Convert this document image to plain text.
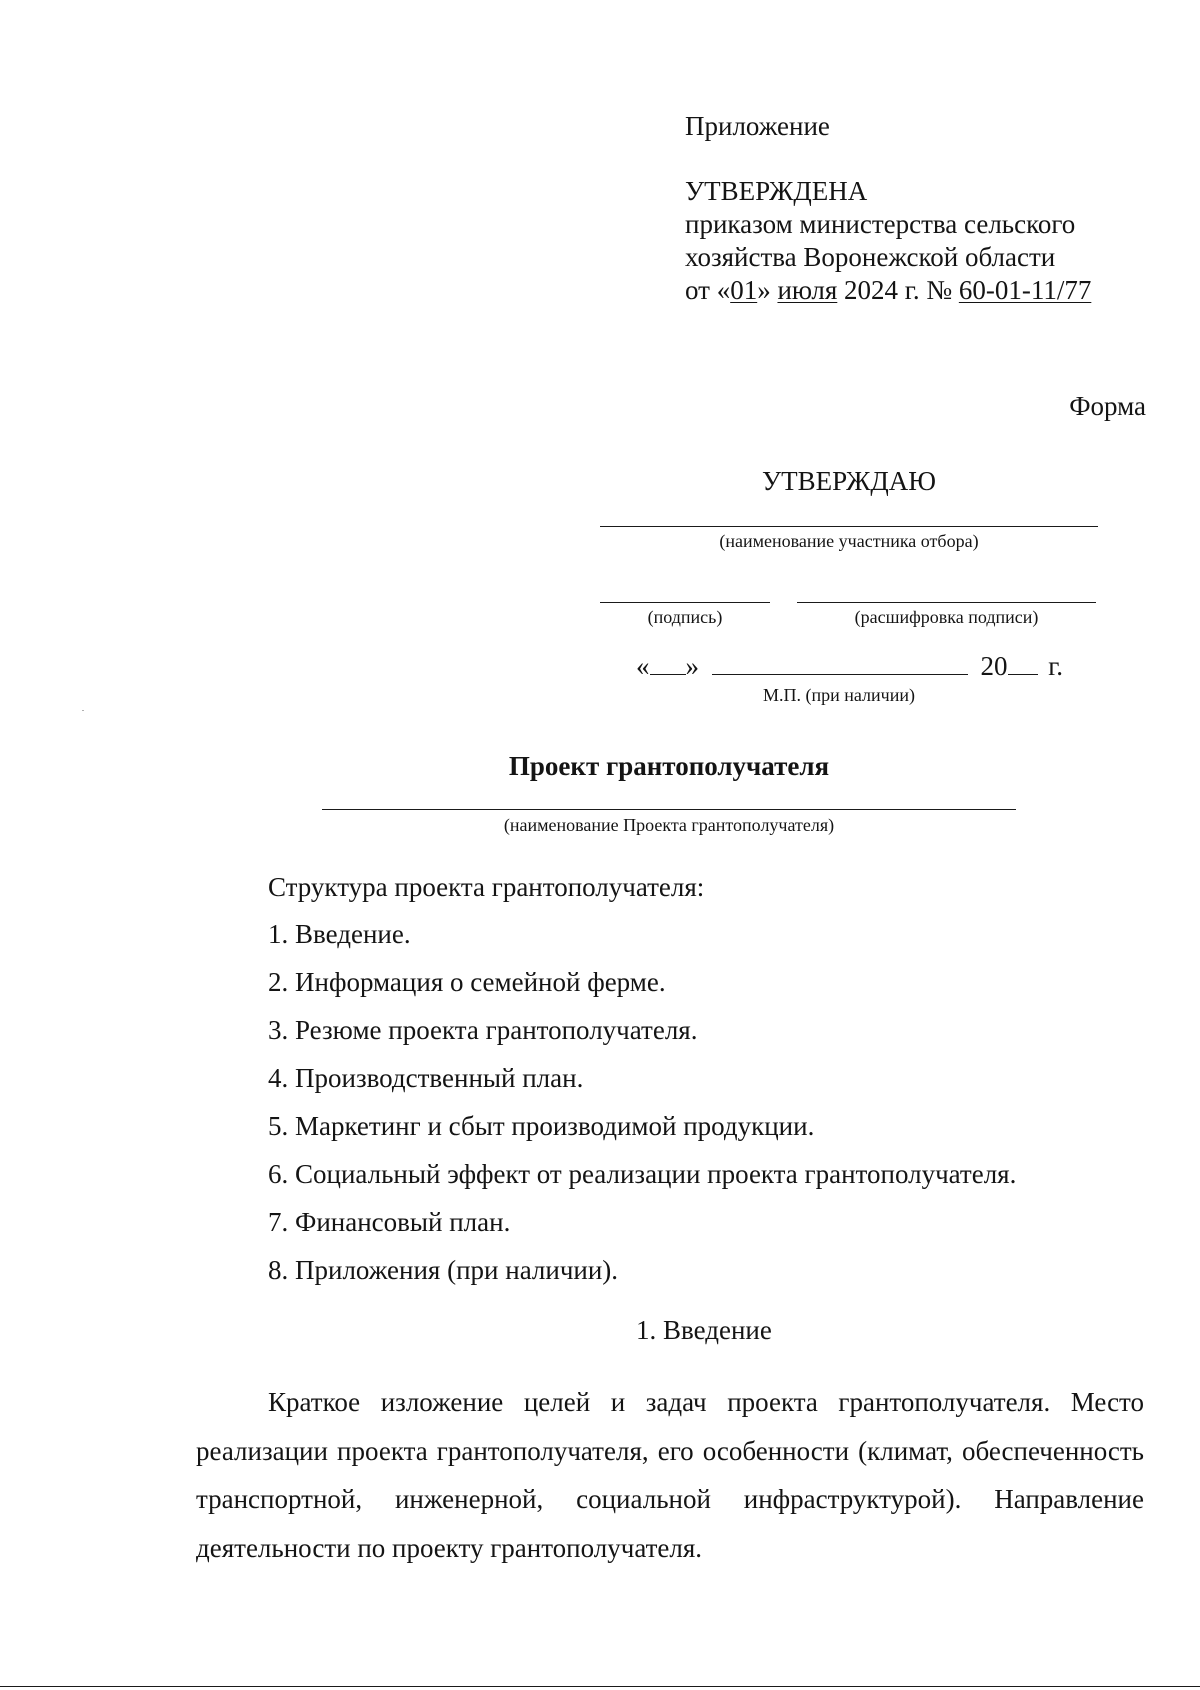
Приложение
УТВЕРЖДЕНА
приказом министерства сельского
хозяйства Воронежской области
от «01» июля 2024 г. № 60-01-11/77
Форма
УТВЕРЖДАЮ
(наименование участника отбора)
(подпись)	(расшифровка подписи)
« »	20 г.
М.П. (при наличии)
Проект грантополучателя
(наименование Проекта грантополучателя)
Структура проекта грантополучателя:
1. Введение.
2. Информация о семейной ферме.
3. Резюме проекта грантополучателя.
4. Производственный план.
5. Маркетинг и сбыт производимой продукции.
6. Социальный эффект от реализации проекта грантополучателя.
7. Финансовый план.
8. Приложения (при наличии).
1. Введение

Краткое изложение целей и задач проекта грантополучателя. Место реализации проекта грантополучателя, его особенности (климат, обеспеченность транспортной, инженерной, социальной инфраструктурой). Направление деятельности по проекту грантополучателя.
